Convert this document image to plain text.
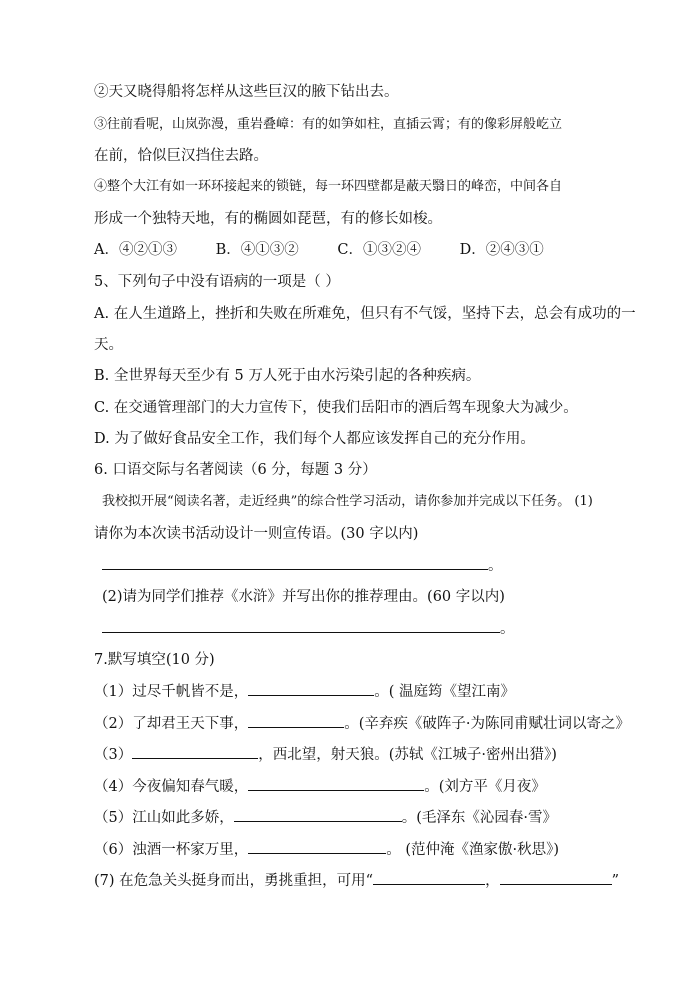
②天又晓得船将怎样从这些巨汉的腋下钻出去。
③往前看呢，山岚弥漫，重岩叠嶂：有的如笋如柱，直插云霄；有的像彩屏般屹立
在前，恰似巨汉挡住去路。
④整个大江有如一环环接起来的锁链，每一环四壁都是蔽天翳日的峰峦，中间各自
形成一个独特天地，有的椭圆如琵琶，有的修长如梭。
A．④②①③	B．④①③②	C．①③②④	D．②④③①
5、下列句子中没有语病的一项是（ ）
A. 在人生道路上，挫折和失败在所难免，但只有不气馁，坚持下去，总会有成功的一
天。
B. 全世界每天至少有 5 万人死于由水污染引起的各种疾病。
C. 在交通管理部门的大力宣传下，使我们岳阳市的酒后驾车现象大为减少。
D. 为了做好食品安全工作，我们每个人都应该发挥自己的充分作用。
6. 口语交际与名著阅读（6 分，每题 3 分）
我校拟开展“阅读名著，走近经典”的综合性学习活动，请你参加并完成以下任务。 (1)
请你为本次读书活动设计一则宣传语。(30 字以内)
。
(2)请为同学们推荐《水浒》并写出你的推荐理由。(60 字以内)
。
7.默写填空(10 分)
（1）过尽千帆皆不是，	。( 温庭筠《望江南》
（2）了却君王天下事，	。(辛弃疾《破阵子·为陈同甫赋壮词以寄之》
（3）	，西北望，射天狼。(苏轼《江城子·密州出猎》)
（4）今夜偏知春气暖，	。(刘方平《月夜》
（5）江山如此多娇，	。(毛泽东《沁园春·雪》
（6）浊酒一杯家万里，	。 (范仲淹《渔家傲·秋思》)
(7) 在危急关头挺身而出，勇挑重担，可用“	，	”
